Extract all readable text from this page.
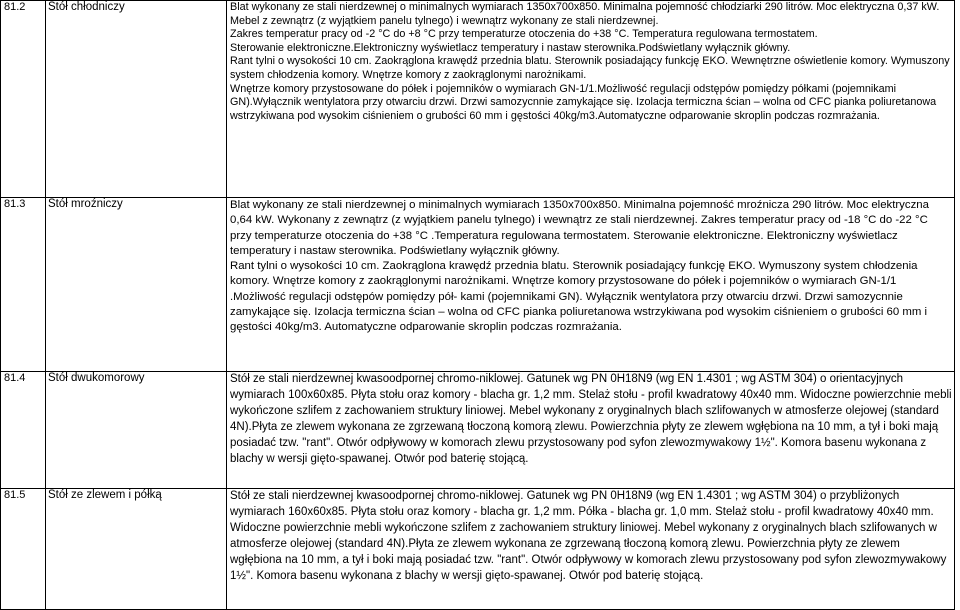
81.2	Stół chłodniczy	Blat wykonany ze stali nierdzewnej o minimalnych wymiarach 1350x700x850. Minimalna pojemność chłodziarki 290 litrów. Moc elektryczna 0,37 kW. Mebel z zewnątrz (z wyjątkiem panelu tylnego) i wewnątrz wykonany ze stali nierdzewnej.

Zakres temperatur pracy od -2 °C do +8 °C przy temperaturze otoczenia do +38 °C. Temperatura regulowana termostatem.

Sterowanie elektroniczne.Elektroniczny wyświetlacz temperatury i nastaw sterownika.Podświetlany wyłącznik główny.

Rant tylni o wysokości 10 cm. Zaokrąglona krawędź przednia blatu. Sterownik posiadający funkcję EKO. Wewnętrzne oświetlenie komory. Wymuszony system chłodzenia komory. Wnętrze komory z zaokrąglonymi narożnikami.

Wnętrze komory przystosowane do półek i pojemników o wymiarach GN-1/1.Możliwość regulacji odstępów pomiędzy półkami (pojemnikami GN).Wyłącznik wentylatora przy otwarciu drzwi. Drzwi samozycnnie zamykające się. Izolacja termiczna ścian – wolna od CFC pianka poliuretanowa wstrzykiwana pod wysokim ciśnieniem o grubości 60 mm i gęstości 40kg/m3.Automatyczne odparowanie skroplin podczas rozmrażania.

81.3	Stół mroźniczy	Blat wykonany ze stali nierdzewnej o minimalnych wymiarach 1350x700x850. Minimalna pojemność mroźnicza 290 litrów. Moc elektryczna 0,64 kW. Wykonany z zewnątrz (z wyjątkiem panelu tylnego) i wewnątrz ze stali nierdzewnej. Zakres temperatur pracy od -18 °C do -22 °C przy temperaturze otoczenia do +38 °C .Temperatura regulowana termostatem. Sterowanie elektroniczne. Elektroniczny wyświetlacz temperatury i nastaw sterownika. Podświetlany wyłącznik główny.

Rant tylni o wysokości 10 cm. Zaokrąglona krawędź przednia blatu. Sterownik posiadający funkcję EKO. Wymuszony system chłodzenia komory. Wnętrze komory z zaokrąglonymi narożnikami. Wnętrze komory przystosowane do półek i pojemników o wymiarach GN-1/1 .Możliwość regulacji odstępów pomiędzy pół- kami (pojemnikami GN). Wyłącznik wentylatora przy otwarciu drzwi. Drzwi samozycnnie zamykające się. Izolacja termiczna ścian – wolna od CFC pianka poliuretanowa wstrzykiwana pod wysokim ciśnieniem o grubości 60 mm i gęstości 40kg/m3. Automatyczne odparowanie skroplin podczas rozmrażania.

81.4	Stół dwukomorowy	Stół ze stali nierdzewnej kwasoodpornej chromo-niklowej. Gatunek wg PN 0H18N9 (wg EN 1.4301 ; wg ASTM 304) o orientacyjnych wymiarach 100x60x85. Płyta stołu oraz komory - blacha gr. 1,2 mm. Stelaż stołu - profil kwadratowy 40x40 mm. Widoczne powierzchnie mebli wykończone szlifem z zachowaniem struktury liniowej. Mebel wykonany z oryginalnych blach szlifowanych w atmosferze olejowej (standard 4N).Płyta ze zlewem wykonana ze zgrzewaną tłoczoną komorą zlewu. Powierzchnia płyty ze zlewem wgłębiona na 10 mm, a tył i boki mają posiadać tzw. "rant". Otwór odpływowy w komorach zlewu przystosowany pod syfon zlewozmywakowy 1½". Komora basenu wykonana z blachy w wersji gięto-spawanej. Otwór pod baterię stojącą.

81.5	Stół ze zlewem i półką	Stół ze stali nierdzewnej kwasoodpornej chromo-niklowej. Gatunek wg PN 0H18N9 (wg EN 1.4301 ; wg ASTM 304) o przybliżonych wymiarach 160x60x85. Płyta stołu oraz komory - blacha gr. 1,2 mm. Półka - blacha gr. 1,0 mm. Stelaż stołu - profil kwadratowy 40x40 mm. Widoczne powierzchnie mebli wykończone szlifem z zachowaniem struktury liniowej. Mebel wykonany z oryginalnych blach szlifowanych w atmosferze olejowej (standard 4N).Płyta ze zlewem wykonana ze zgrzewaną tłoczoną komorą zlewu. Powierzchnia płyty ze zlewem wgłębiona na 10 mm, a tył i boki mają posiadać tzw. "rant". Otwór odpływowy w komorach zlewu przystosowany pod syfon zlewozmywakowy 1½". Komora basenu wykonana z blachy w wersji gięto-spawanej. Otwór pod baterię stojącą.
